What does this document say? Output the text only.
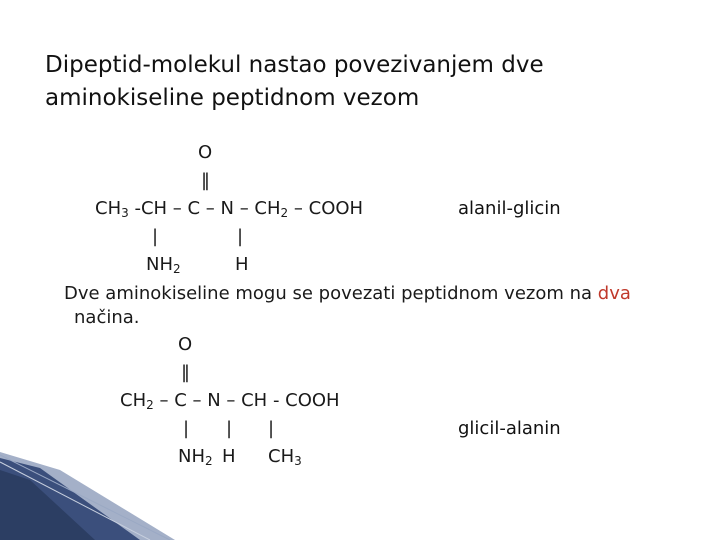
Dipeptid-molekul nastao povezivanjem dve
aminokiseline peptidnom vezom
O
‖
$CH_3$ -CH – C – N – $CH_2$ – COOH	alanil-glicin
|	|
$NH_2$	H
Dve aminokiseline mogu se povezati peptidnom vezom na dva
načina.
O
‖
$CH_2$ – C – N – CH - COOH
| | |	glicil-alanin
$NH_2$ H $CH_3$
